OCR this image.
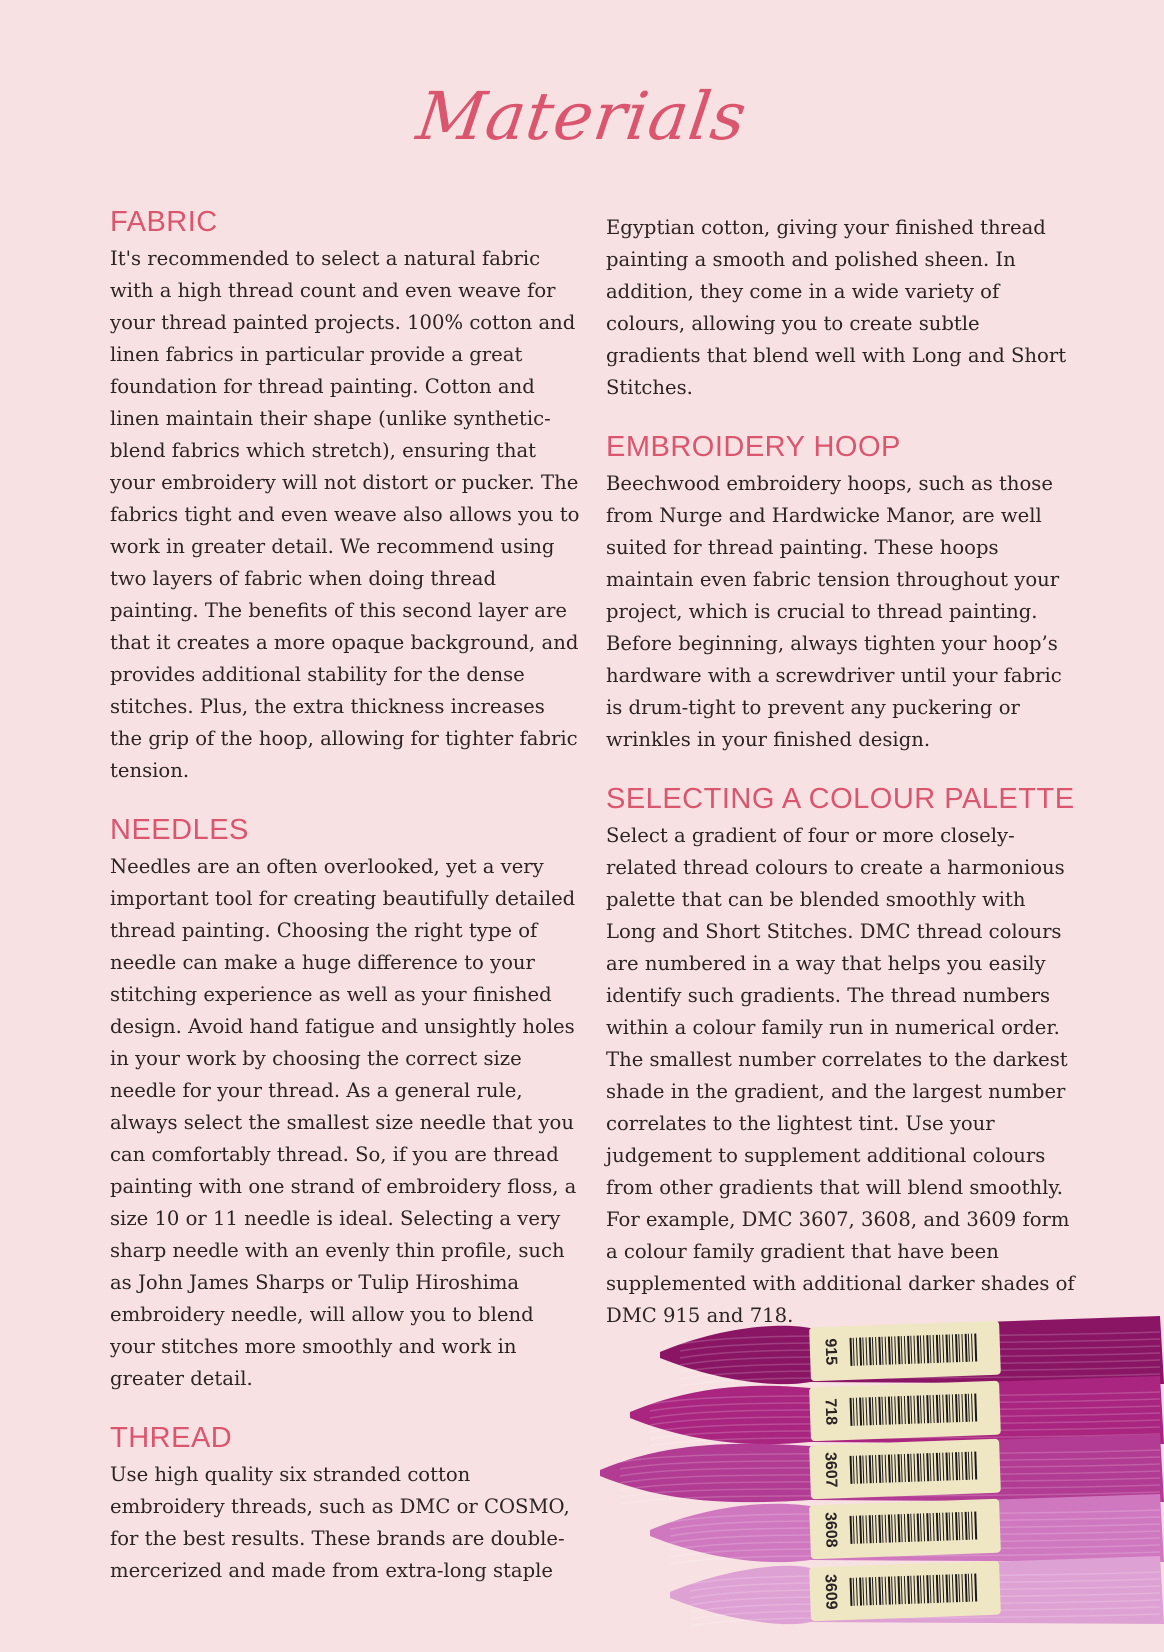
Materials
FABRIC

It's recommended to select a natural fabric with a high thread count and even weave for your thread painted projects. 100% cotton and linen fabrics in particular provide a great foundation for thread painting. Cotton and linen maintain their shape (unlike synthetic-blend fabrics which stretch), ensuring that your embroidery will not distort or pucker. The fabrics tight and even weave also allows you to work in greater detail. We recommend using two layers of fabric when doing thread painting. The benefits of this second layer are that it creates a more opaque background, and provides additional stability for the dense stitches. Plus, the extra thickness increases the grip of the hoop, allowing for tighter fabric tension.

NEEDLES

Needles are an often overlooked, yet a very important tool for creating beautifully detailed thread painting. Choosing the right type of needle can make a huge difference to your stitching experience as well as your finished design. Avoid hand fatigue and unsightly holes in your work by choosing the correct size needle for your thread. As a general rule, always select the smallest size needle that you can comfortably thread. So, if you are thread painting with one strand of embroidery floss, a size 10 or 11 needle is ideal. Selecting a very sharp needle with an evenly thin profile, such as John James Sharps or Tulip Hiroshima embroidery needle, will allow you to blend your stitches more smoothly and work in greater detail.

THREAD

Use high quality six stranded cotton embroidery threads, such as DMC or COSMO, for the best results. These brands are double-mercerized and made from extra-long staple

Egyptian cotton, giving your finished thread painting a smooth and polished sheen. In addition, they come in a wide variety of colours, allowing you to create subtle gradients that blend well with Long and Short Stitches.

EMBROIDERY HOOP

Beechwood embroidery hoops, such as those from Nurge and Hardwicke Manor, are well suited for thread painting. These hoops maintain even fabric tension throughout your project, which is crucial to thread painting. Before beginning, always tighten your hoop’s hardware with a screwdriver until your fabric is drum-tight to prevent any puckering or wrinkles in your finished design.

SELECTING A COLOUR PALETTE

Select a gradient of four or more closely-related thread colours to create a harmonious palette that can be blended smoothly with Long and Short Stitches. DMC thread colours are numbered in a way that helps you easily identify such gradients. The thread numbers within a colour family run in numerical order. The smallest number correlates to the darkest shade in the gradient, and the largest number correlates to the lightest tint. Use your judgement to supplement additional colours from other gradients that will blend smoothly. For example, DMC 3607, 3608, and 3609 form a colour family gradient that have been supplemented with additional darker shades of DMC 915 and 718.

915
718
3607
3608
3609
